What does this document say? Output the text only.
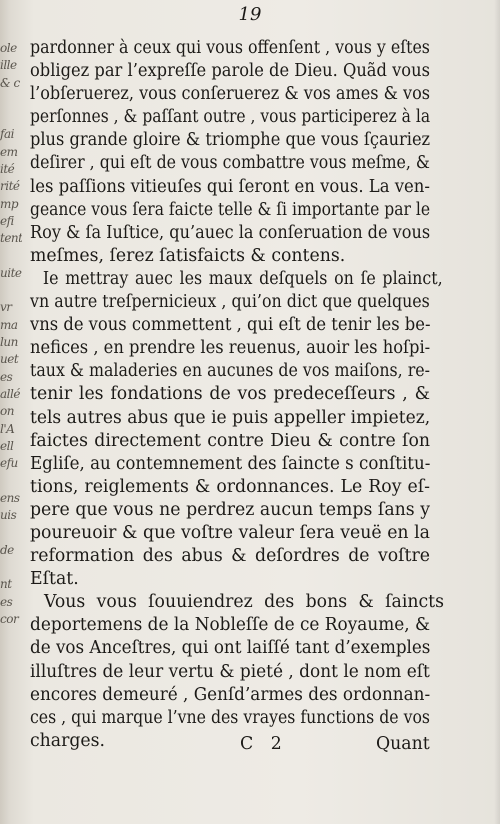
ole
ille
& c
fai
em
ité
rité
mp
efi
tent
uite
vr
ma
lun
uet
es
allé
on
l'A
ell
efu
ens
uis
de
nt
es
cor
19
pardonner à ceux qui vous offenſent , vous y eſtes
obligez par l’expreſſe parole de Dieu. Quãd vous
l’obſeruerez, vous conſeruerez & vos ames & vos
perſonnes , & paſſant outre , vous participerez à la
plus grande gloire & triomphe que vous ſçauriez
deſirer , qui eſt de vous combattre vous meſme, &
les paſſions vitieuſes qui ſeront en vous. La ven-
geance vous ſera faicte telle & ſi importante par le
Roy & ſa Iuſtice, qu’auec la conſeruation de vous
meſmes, ſerez ſatisfaicts & contens.
Ie mettray auec les maux deſquels on ſe plainct,
vn autre treſpernicieux , qui’on dict que quelques
vns de vous commettent , qui eſt de tenir les be-
nefices , en prendre les reuenus, auoir les hoſpi-
taux & maladeries en aucunes de vos maiſons, re-
tenir les fondations de vos predeceſſeurs , &
tels autres abus que ie puis appeller impietez,
faictes directement contre Dieu & contre ſon
Egliſe, au contemnement des ſaincte s conſtitu-
tions, reiglements & ordonnances. Le Roy eſ-
pere que vous ne perdrez aucun temps ſans y
poureuoir & que voſtre valeur ſera veuë en la
reformation des abus & deſordres de voſtre
Eſtat.
Vous vous ſouuiendrez des bons & ſaincts
deportemens de la Nobleſſe de ce Royaume, &
de vos Anceſtres, qui ont laiſſé tant d’exemples
illuſtres de leur vertu & pieté , dont le nom eſt
encores demeuré , Genſd’armes des ordonnan-
ces , qui marque l’vne des vrayes functions de vos
charges.	C 2	Quant
